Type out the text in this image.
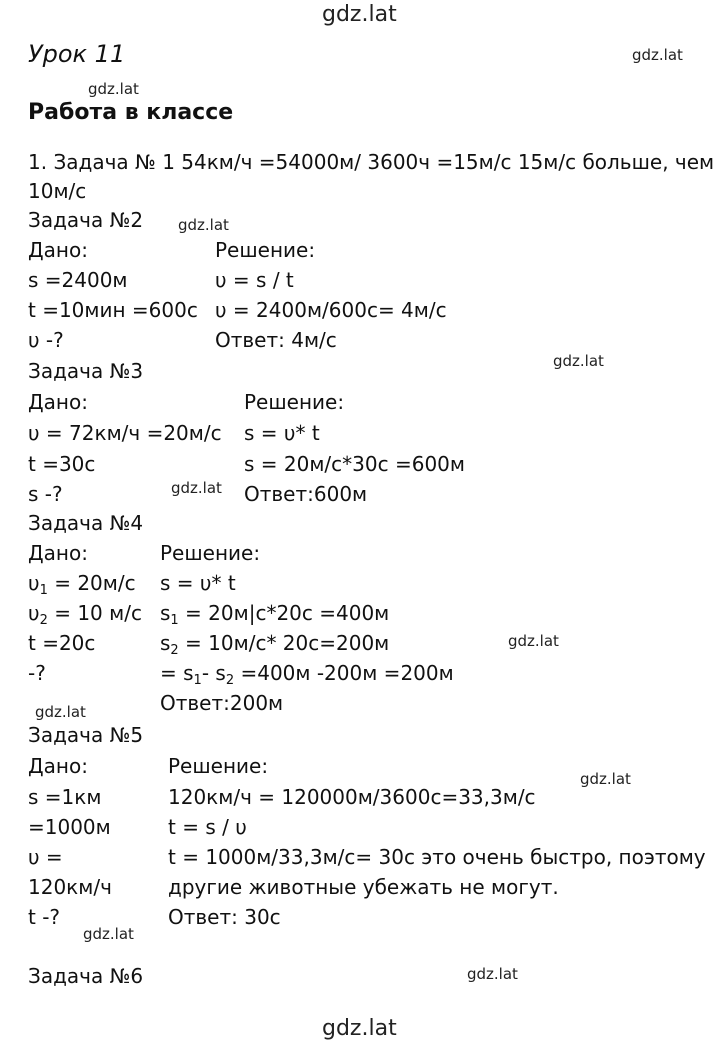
gdz.lat
gdz.lat
gdz.lat
gdz.lat
gdz.lat
gdz.lat
gdz.lat
gdz.lat
gdz.lat
gdz.lat
gdz.lat
gdz.lat
Урок 11
Работа в классе
1. Задача № 1 54км/ч =54000м/ 3600ч =15м/с 15м/с больше, чем
10м/с
Задача №2
Дано:
s =2400м
t =10мин =600с
υ -?
Решение:
υ = s / t
υ = 2400м/600с= 4м/с
Ответ: 4м/с
Задача №3
Дано:
υ = 72км/ч =20м/с
t =30с
s -?
Решение:
s = υ* t
s = 20м/с*30с =600м
Ответ:600м
Задача №4
Дано:
$\upsilon_1 = 20м/с$
$\upsilon_2 = 10$ м/с
t =20с
-?
Решение:
s = υ* t
$s_1 = 20м|с*20с =400м$
$s_2 = 10м/с*$ 20с=200м
= $s_1-$ $s_2 =400м$ -200м =200м
Ответ:200м
Задача №5
Дано:
s =1км
=1000м
υ =
120км/ч
t -?
Решение:
120км/ч = 120000м/3600с=33,3м/с
t = s / υ
t = 1000м/33,3м/с= 30с это очень быстро, поэтому
другие животные убежать не могут.
Ответ: 30с
Задача №6
